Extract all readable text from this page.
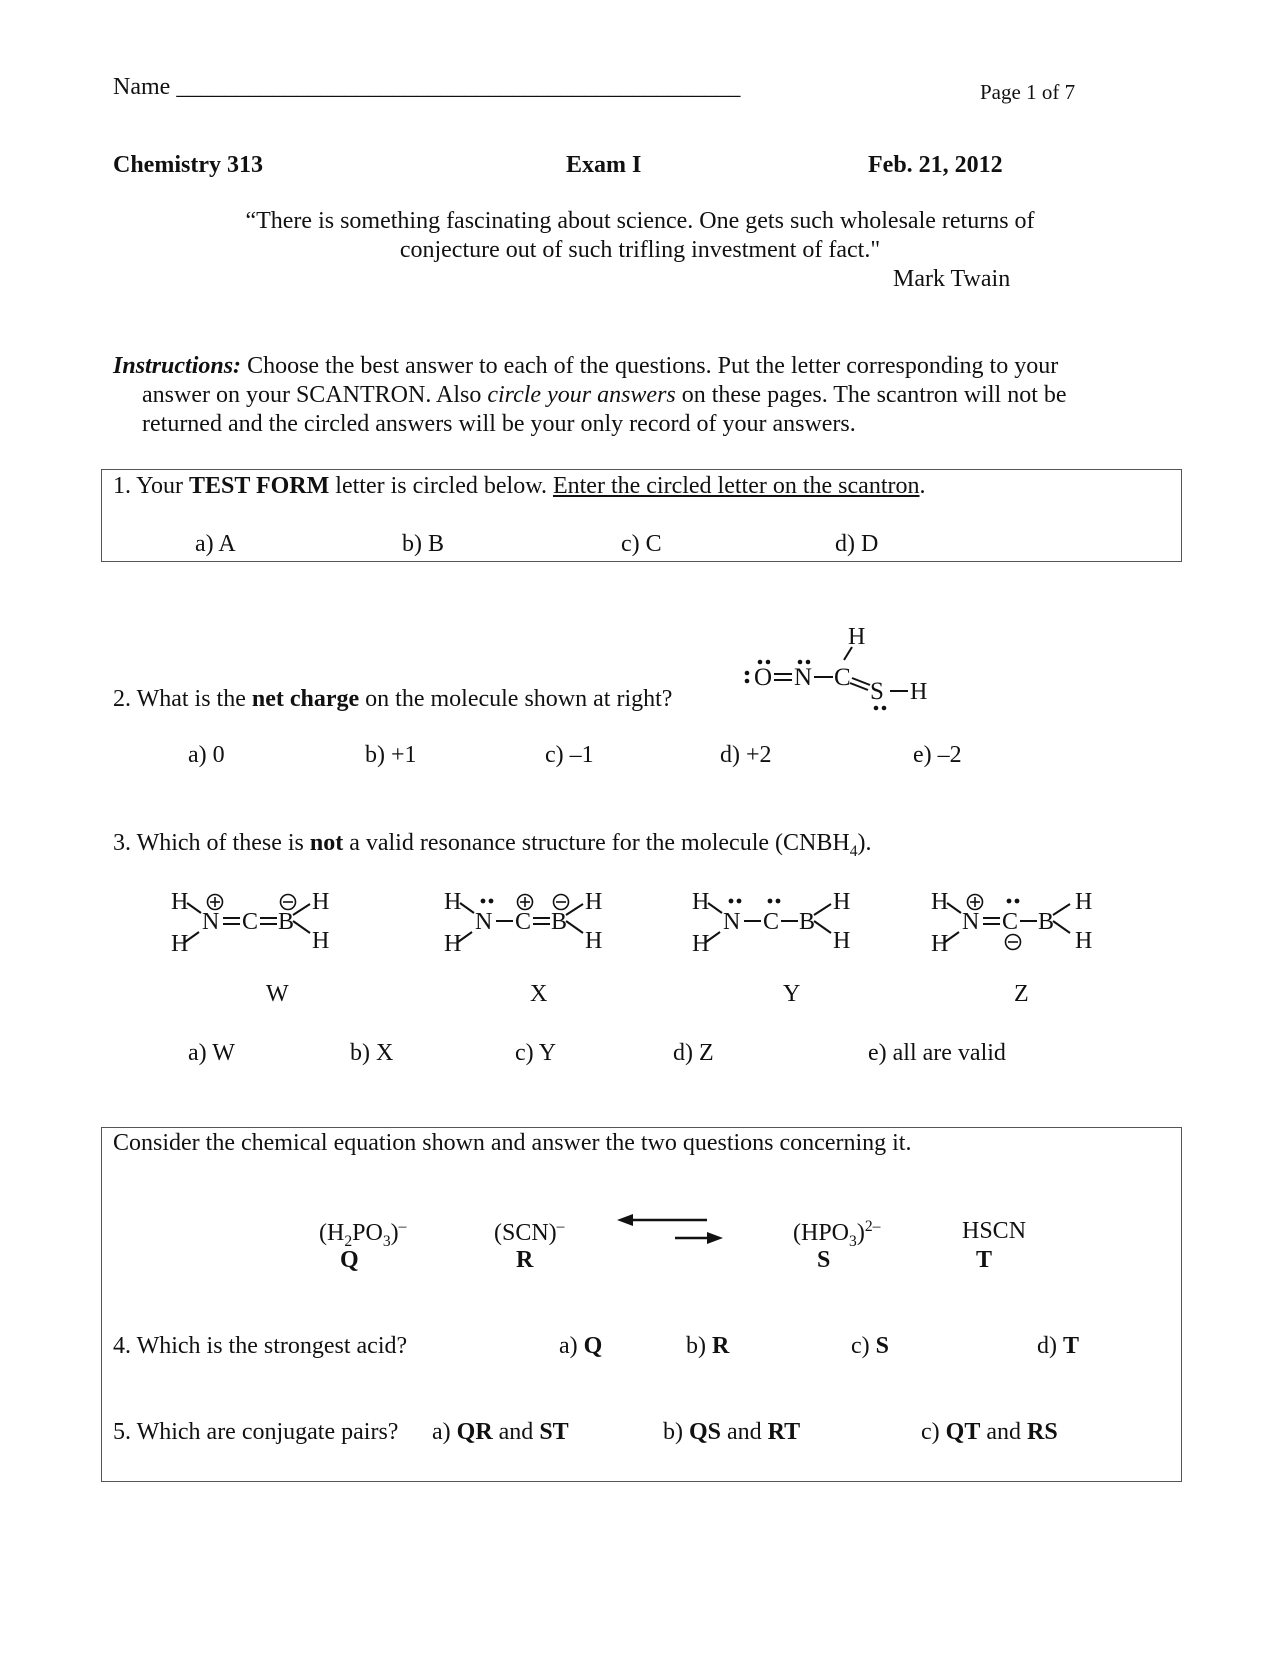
Name _______________________________________________	Page 1 of 7
Chemistry 313	Exam I	Feb. 21, 2012
“There is something fascinating about science. One gets such wholesale returns of
conjecture out of such trifling investment of fact."
Mark Twain
Instructions: Choose the best answer to each of the questions. Put the letter corresponding to your
answer on your SCANTRON. Also circle your answers on these pages. The scantron will not be
returned and the circled answers will be your only record of your answers.
1. Your TEST FORM letter is circled below. Enter the circled letter on the scantron.
a) A	b) B	c) C	d) D
2. What is the net charge on the molecule shown at right?
O N C
H
S H
a) 0	b) +1	c) –1	d) +2	e) –2
3. Which of these is not a valid resonance structure for the molecule $(CNBH_4)$.
H
N
H
C B
H
H
H
N
H
C B
H
H
H
N
H
C B
H
H
H
N
H
C B
H
H
W	X	Y	Z
a) W	b) X	c) Y	d) Z	e) all are valid
Consider the chemical equation shown and answer the two questions concerning it.
$(H_2PO_3)^-$
Q
(SCN)–
R
$(HPO_3)^{2-}$
S
HSCN
T
4. Which is the strongest acid?	a) Q	b) R	c) S	d) T
5. Which are conjugate pairs? a) QR and ST	b) QS and RT	c) QT and RS
